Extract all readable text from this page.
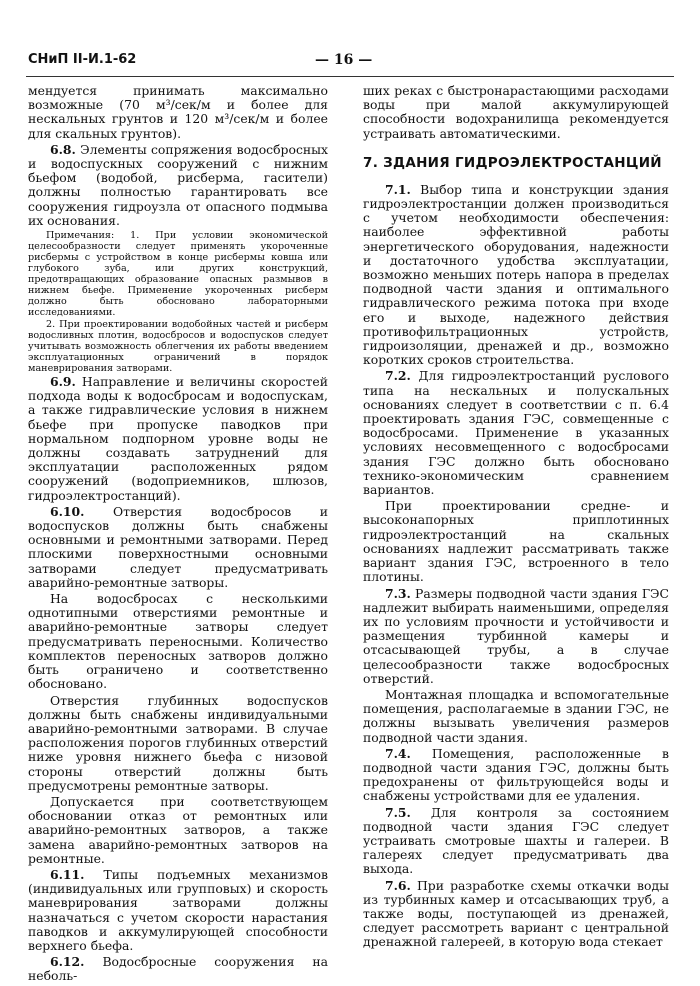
СНиП II-И.1-62	— 16 —

мендуется принимать максимально возможные (70 м³/сек/м и более для нескальных грунтов и 120 м³/сек/м и более для скальных грунтов).

6.8. Элементы сопряжения водосбросных и водоспускных сооружений с нижним бьефом (водобой, рисберма, гасители) должны полностью гарантировать все сооружения гидроузла от опасного подмыва их основания.

Примечания: 1. При условии экономической целесообразности следует применять укороченные рисбермы с устройством в конце рисбермы ковша или глубокого зуба, или других конструкций, предотвращающих образование опасных размывов в нижнем бьефе. Применение укороченных рисберм должно быть обосновано лабораторными исследованиями.

2. При проектировании водобойных частей и рисберм водосливных плотин, водосбросов и водоспусков следует учитывать возможность облегчения их работы введением эксплуатационных ограничений в порядок маневрирования затворами.

6.9. Направление и величины скоростей подхода воды к водосбросам и водоспускам, а также гидравлические условия в нижнем бьефе при пропуске паводков при нормальном подпорном уровне воды не должны создавать затруднений для эксплуатации расположенных рядом сооружений (водоприемников, шлюзов, гидроэлектростанций).

6.10. Отверстия водосбросов и водоспусков должны быть снабжены основными и ремонтными затворами. Перед плоскими поверхностными основными затворами следует предусматривать аварийно-ремонтные затворы.

На водосбросах с несколькими однотипными отверстиями ремонтные и аварийно-ремонтные затворы следует предусматривать переносными. Количество комплектов переносных затворов должно быть ограничено и соответственно обосновано.

Отверстия глубинных водоспусков должны быть снабжены индивидуальными аварийно-ремонтными затворами. В случае расположения порогов глубинных отверстий ниже уровня нижнего бьефа с низовой стороны отверстий должны быть предусмотрены ремонтные затворы.

Допускается при соответствующем обосновании отказ от ремонтных или аварийно-ремонтных затворов, а также замена аварийно-ремонтных затворов на ремонтные.

6.11. Типы подъемных механизмов (индивидуальных или групповых) и скорость маневрирования затворами должны назначаться с учетом скорости нарастания паводков и аккумулирующей способности верхнего бьефа.

6.12. Водосбросные сооружения на неболь-

ших реках с быстронарастающими расходами воды при малой аккумулирующей способности водохранилища рекомендуется устраивать автоматическими.

7. ЗДАНИЯ ГИДРОЭЛЕКТРОСТАНЦИЙ

7.1. Выбор типа и конструкции здания гидроэлектростанции должен производиться с учетом необходимости обеспечения: наиболее эффективной работы энергетического оборудования, надежности и достаточного удобства эксплуатации, возможно меньших потерь напора в пределах подводной части здания и оптимального гидравлического режима потока при входе его и выходе, надежного действия противофильтрационных устройств, гидроизоляции, дренажей и др., возможно коротких сроков строительства.

7.2. Для гидроэлектростанций руслового типа на нескальных и полускальных основаниях следует в соответствии с п. 6.4 проектировать здания ГЭС, совмещенные с водосбросами. Применение в указанных условиях несовмещенного с водосбросами здания ГЭС должно быть обосновано технико-экономическим сравнением вариантов.

При проектировании средне- и высоконапорных приплотинных гидроэлектростанций на скальных основаниях надлежит рассматривать также вариант здания ГЭС, встроенного в тело плотины.

7.3. Размеры подводной части здания ГЭС надлежит выбирать наименьшими, определяя их по условиям прочности и устойчивости и размещения турбинной камеры и отсасывающей трубы, а в случае целесообразности также водосбросных отверстий.

Монтажная площадка и вспомогательные помещения, располагаемые в здании ГЭС, не должны вызывать увеличения размеров подводной части здания.

7.4. Помещения, расположенные в подводной части здания ГЭС, должны быть предохранены от фильтрующейся воды и снабжены устройствами для ее удаления.

7.5. Для контроля за состоянием подводной части здания ГЭС следует устраивать смотровые шахты и галереи. В галереях следует предусматривать два выхода.

7.6. При разработке схемы откачки воды из турбинных камер и отсасывающих труб, а также воды, поступающей из дренажей, следует рассмотреть вариант с центральной дренажной галереей, в которую вода стекает
